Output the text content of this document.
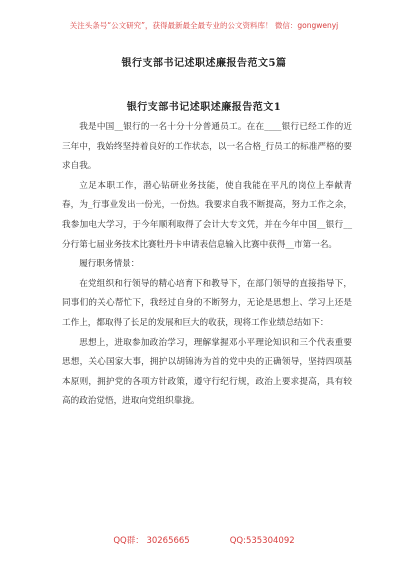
关注头条号“公文研究”，获得最新最全最专业的公文资料库！ 微信：gongwenyj
银行支部书记述职述廉报告范文5篇
银行支部书记述职述廉报告范文1

我是中国__银行的一名十分十分普通员工。在在____银行已经工作的近三年中，我始终坚持着良好的工作状态，以一名合格_行员工的标准严格的要求自我。

立足本职工作，潜心钻研业务技能，使自我能在平凡的岗位上奉献青春，为_行事业发出一份光，一份热。我要求自我不断提高，努力工作之余，我参加电大学习，于今年顺利取得了会计大专文凭，并在今年中国__银行__分行第七届业务技术比赛牡丹卡申请表信息输入比赛中获得__市第一名。

履行职务情景：

在党组织和行领导的精心培育下和教导下，在部门领导的直接指导下，同事们的关心帮忙下，我经过自身的不断努力，无论是思想上、学习上还是工作上，都取得了长足的发展和巨大的收获，现将工作业绩总结如下：

思想上，进取参加政治学习，理解掌握邓小平理论知识和三个代表重要思想，关心国家大事，拥护以胡锦涛为首的党中央的正确领导，坚持四项基本原则，拥护党的各项方针政策，遵守行纪行规，政治上要求提高，具有较高的政治觉悟，进取向党组织靠拢。

QQ群： 30265665	QQ:535304092
